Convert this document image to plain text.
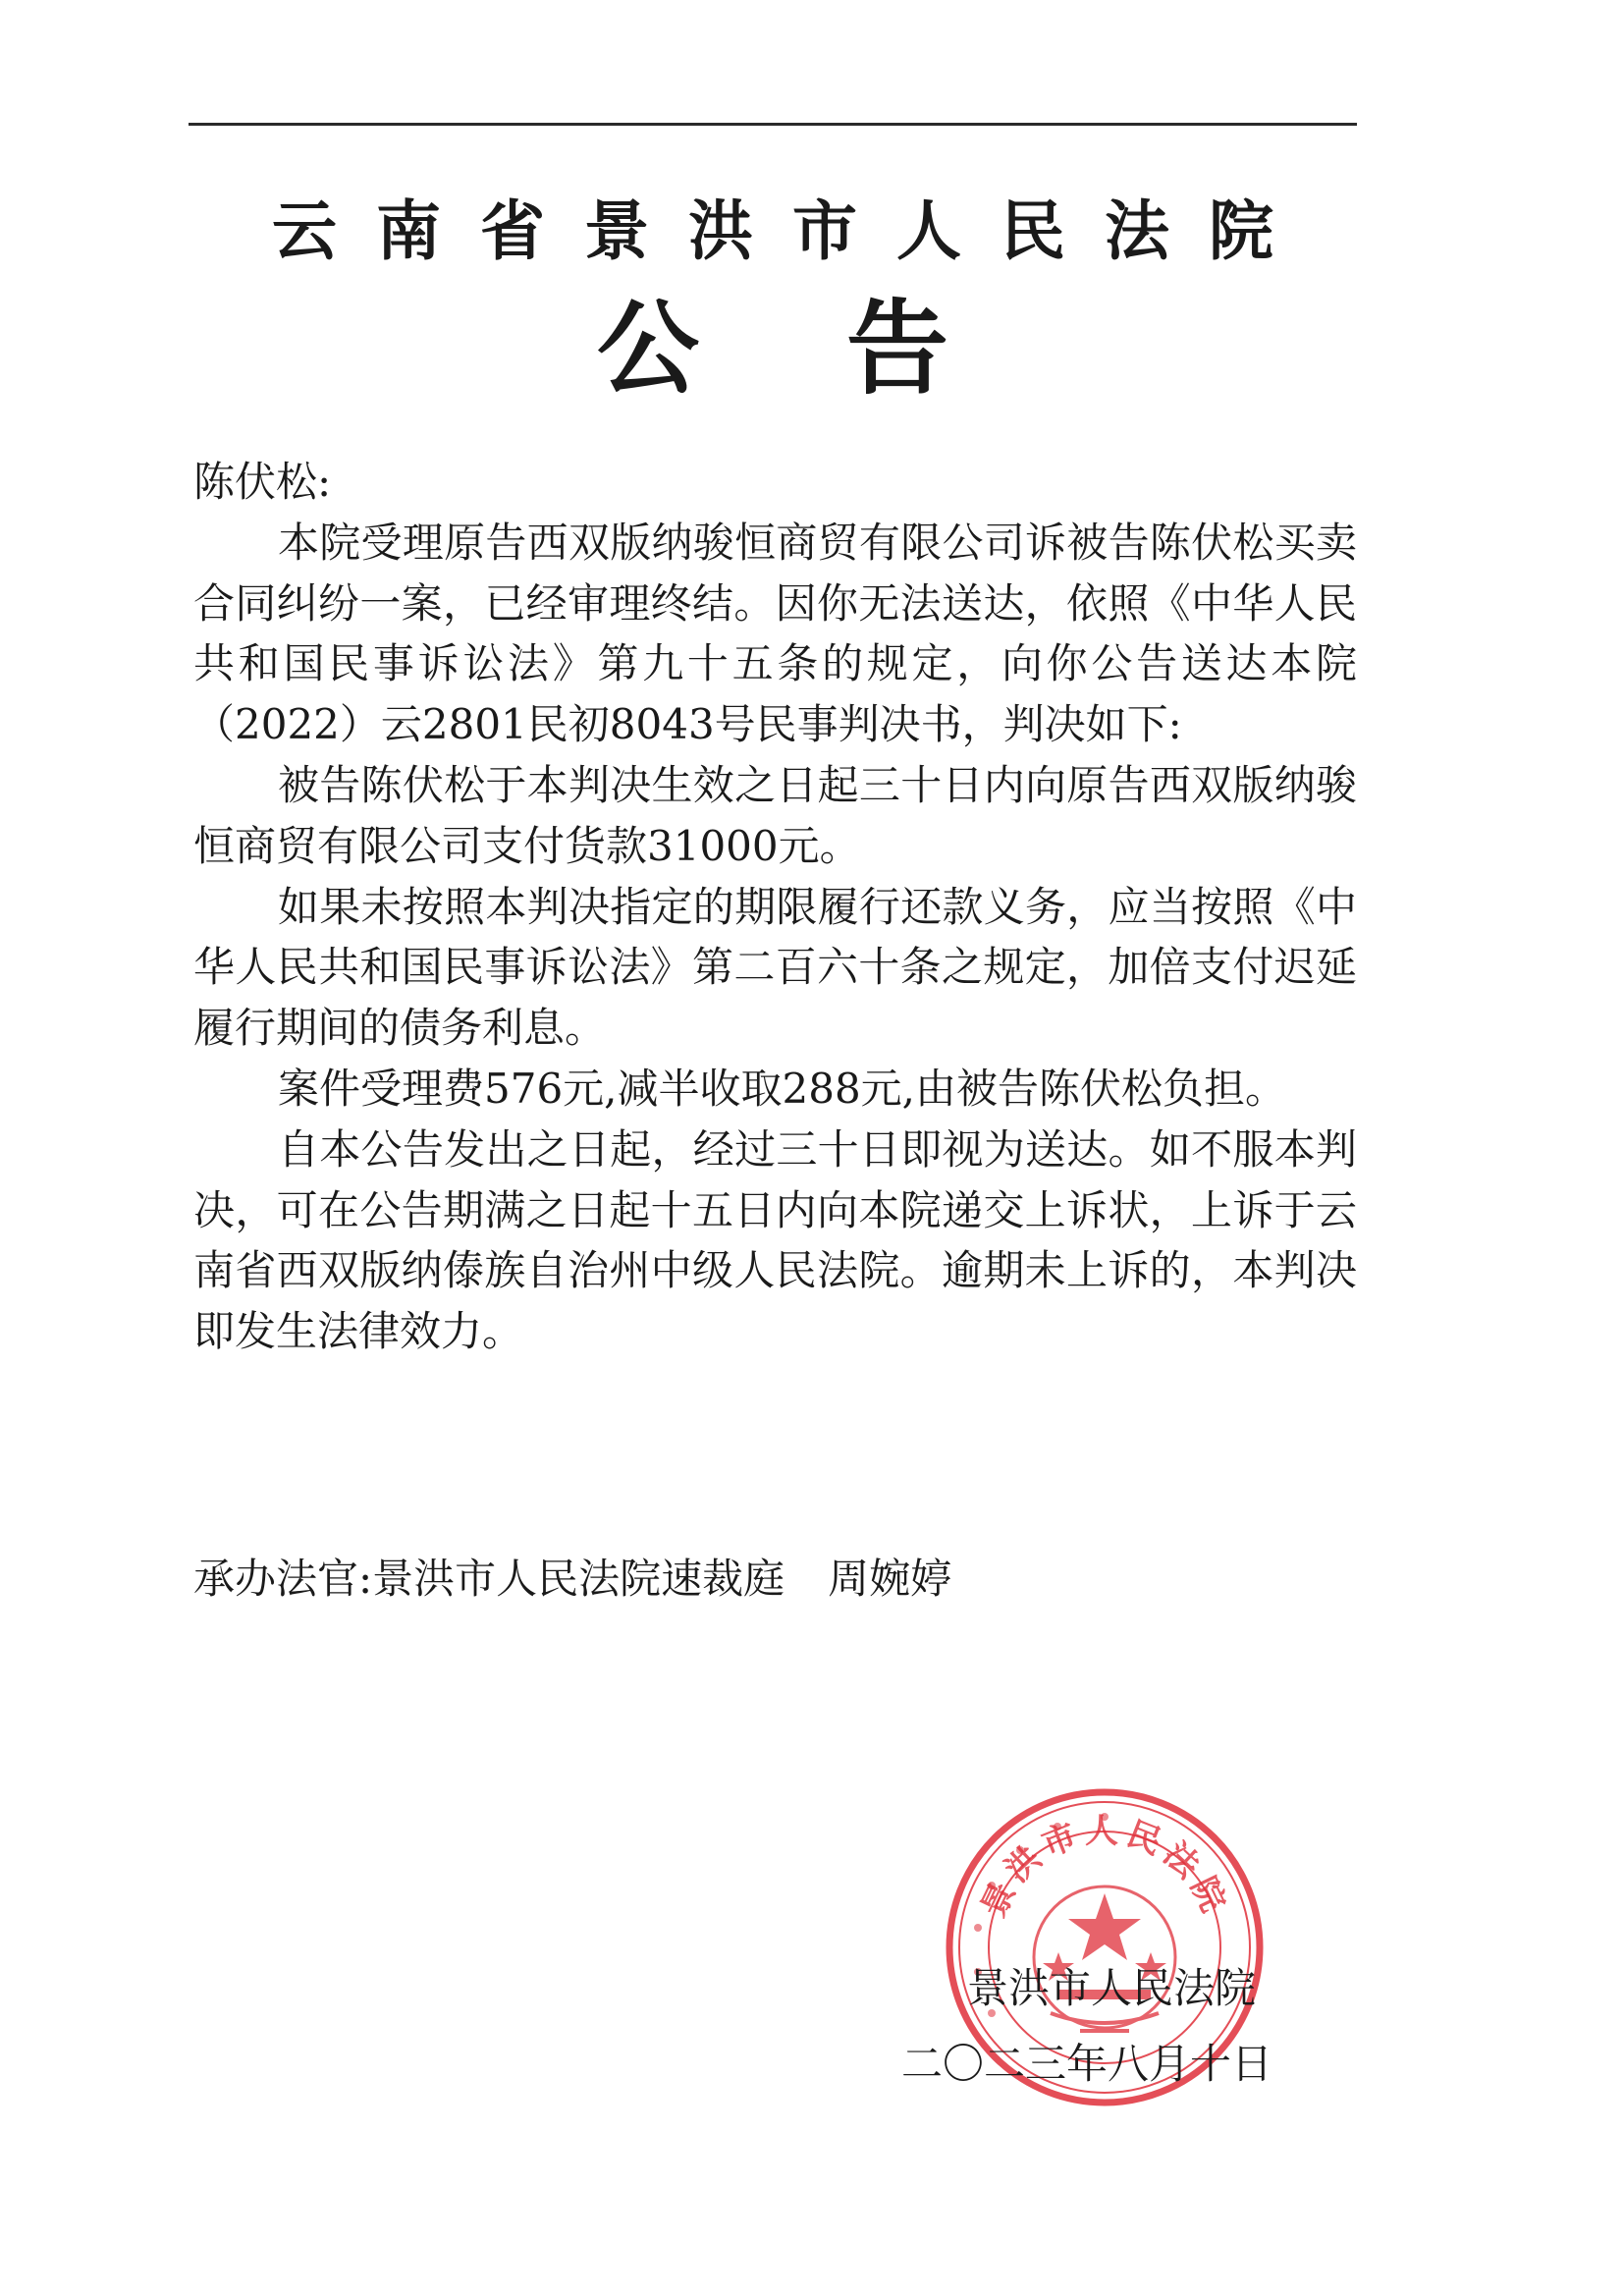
云南省景洪市人民法院
公告

陈伏松:

本院受理原告西双版纳骏恒商贸有限公司诉被告陈伏松买卖合同纠纷一案，已经审理终结。因你无法送达，依照《中华人民共和国民事诉讼法》第九十五条的规定，向你公告送达本院（2022）云2801民初8043号民事判决书，判决如下:

被告陈伏松于本判决生效之日起三十日内向原告西双版纳骏恒商贸有限公司支付货款31000元。

如果未按照本判决指定的期限履行还款义务，应当按照《中华人民共和国民事诉讼法》第二百六十条之规定，加倍支付迟延履行期间的债务利息。

案件受理费576元,减半收取288元,由被告陈伏松负担。

自本公告发出之日起，经过三十日即视为送达。如不服本判决，可在公告期满之日起十五日内向本院递交上诉状，上诉于云南省西双版纳傣族自治州中级人民法院。逾期未上诉的，本判决即发生法律效力。

承办法官:景洪市人民法院速裁庭 周婉婷
景洪市人民法院
景洪市人民法院
二〇二三年八月十日
